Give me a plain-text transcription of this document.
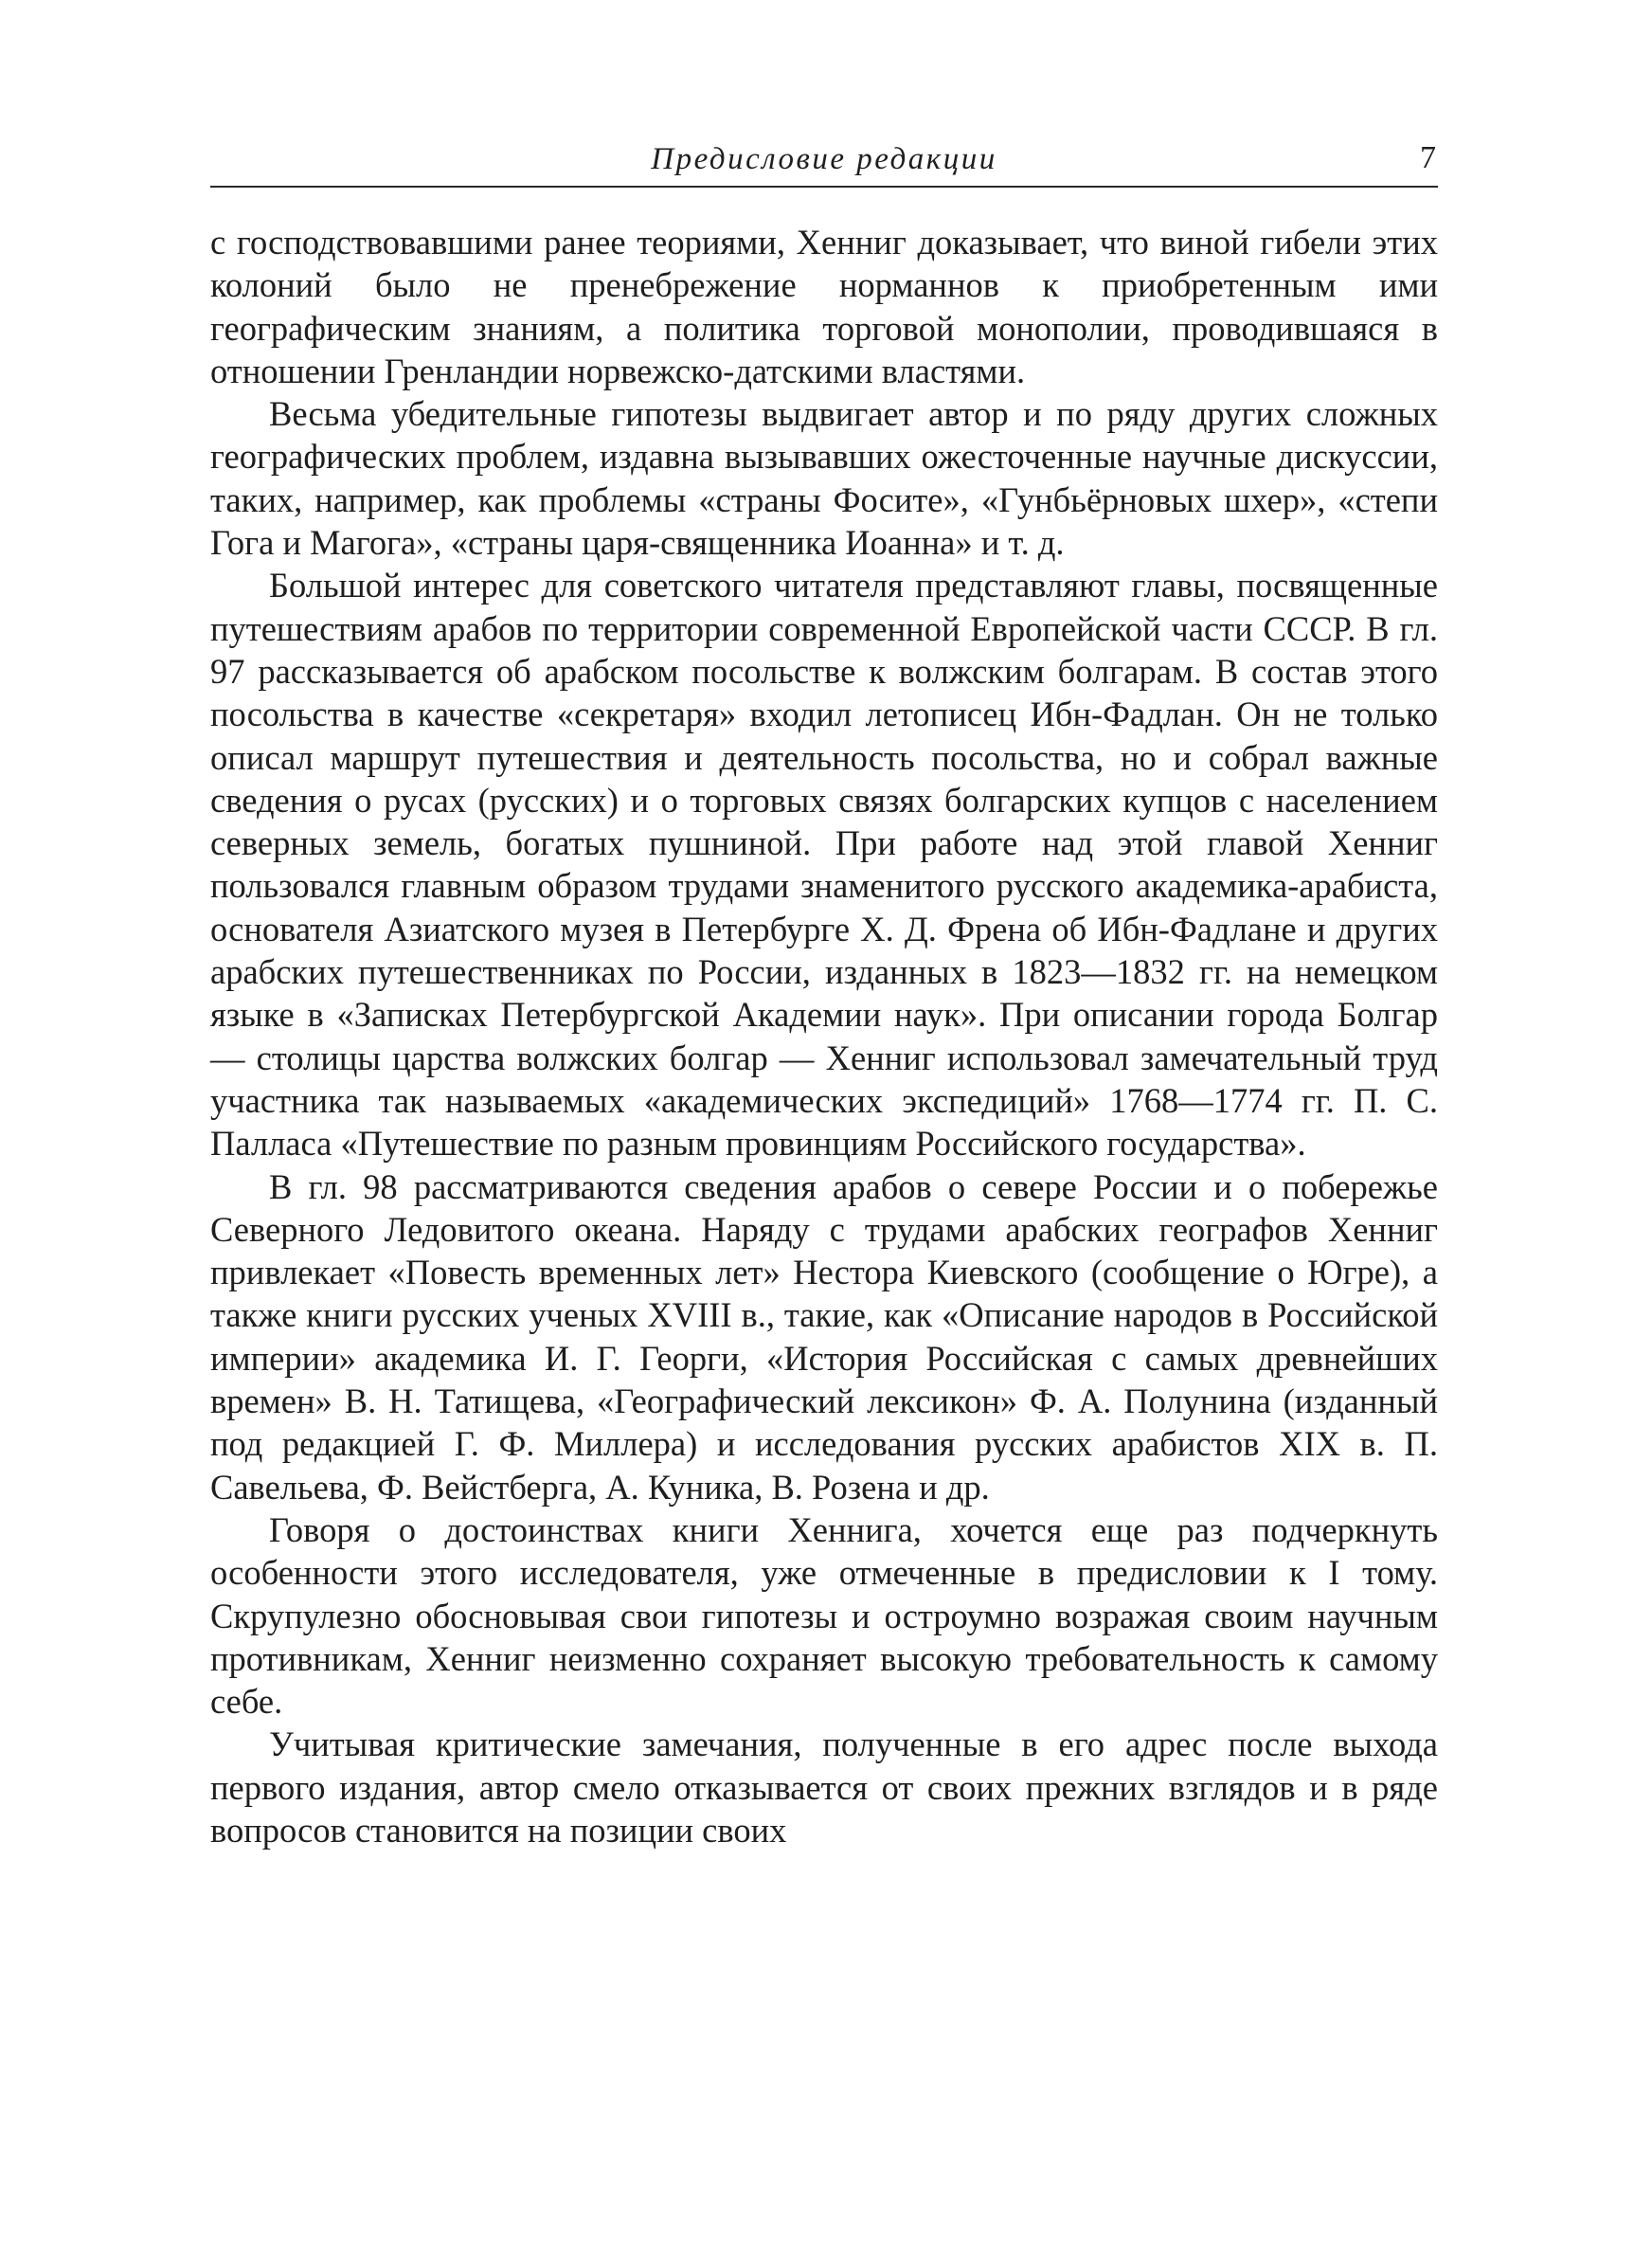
Предисловие редакции	7

с господствовавшими ранее теориями, Хенниг доказывает, что виной гибели этих колоний было не пренебрежение норманнов к приобретенным ими географическим знаниям, а политика торговой монополии, проводившаяся в отношении Гренландии норвежско-датскими властями.

Весьма убедительные гипотезы выдвигает автор и по ряду других сложных географических проблем, издавна вызывавших ожесточенные научные дискуссии, таких, например, как проблемы «страны Фосите», «Гунбьёрновых шхер», «степи Гога и Магога», «страны царя-священника Иоанна» и т. д.

Большой интерес для советского читателя представляют главы, посвященные путешествиям арабов по территории современной Европейской части СССР. В гл. 97 рассказывается об арабском посольстве к волжским болгарам. В состав этого посольства в качестве «секретаря» входил летописец Ибн-Фадлан. Он не только описал маршрут путешествия и деятельность посольства, но и собрал важные сведения о русах (русских) и о торговых связях болгарских купцов с населением северных земель, богатых пушниной. При работе над этой главой Хенниг пользовался главным образом трудами знаменитого русского академика-арабиста, основателя Азиатского музея в Петербурге Х. Д. Френа об Ибн-Фадлане и других арабских путешественниках по России, изданных в 1823—1832 гг. на немецком языке в «Записках Петербургской Академии наук». При описании города Болгар — столицы царства волжских болгар — Хенниг использовал замечательный труд участника так называемых «академических экспедиций» 1768—1774 гг. П. С. Палласа «Путешествие по разным провинциям Российского государства».

В гл. 98 рассматриваются сведения арабов о севере России и о побережье Северного Ледовитого океана. Наряду с трудами арабских географов Хенниг привлекает «Повесть временных лет» Нестора Киевского (сообщение о Югре), а также книги русских ученых XVIII в., такие, как «Описание народов в Российской империи» академика И. Г. Георги, «История Российская с самых древнейших времен» В. Н. Татищева, «Географический лексикон» Ф. А. Полунина (изданный под редакцией Г. Ф. Миллера) и исследования русских арабистов XIX в. П. Савельева, Ф. Вейстберга, А. Куника, В. Розена и др.

Говоря о достоинствах книги Хеннига, хочется еще раз подчеркнуть особенности этого исследователя, уже отмеченные в предисловии к I тому. Скрупулезно обосновывая свои гипотезы и остроумно возражая своим научным противникам, Хенниг неизменно сохраняет высокую требовательность к самому себе.

Учитывая критические замечания, полученные в его адрес после выхода первого издания, автор смело отказывается от своих прежних взглядов и в ряде вопросов становится на позиции своих
